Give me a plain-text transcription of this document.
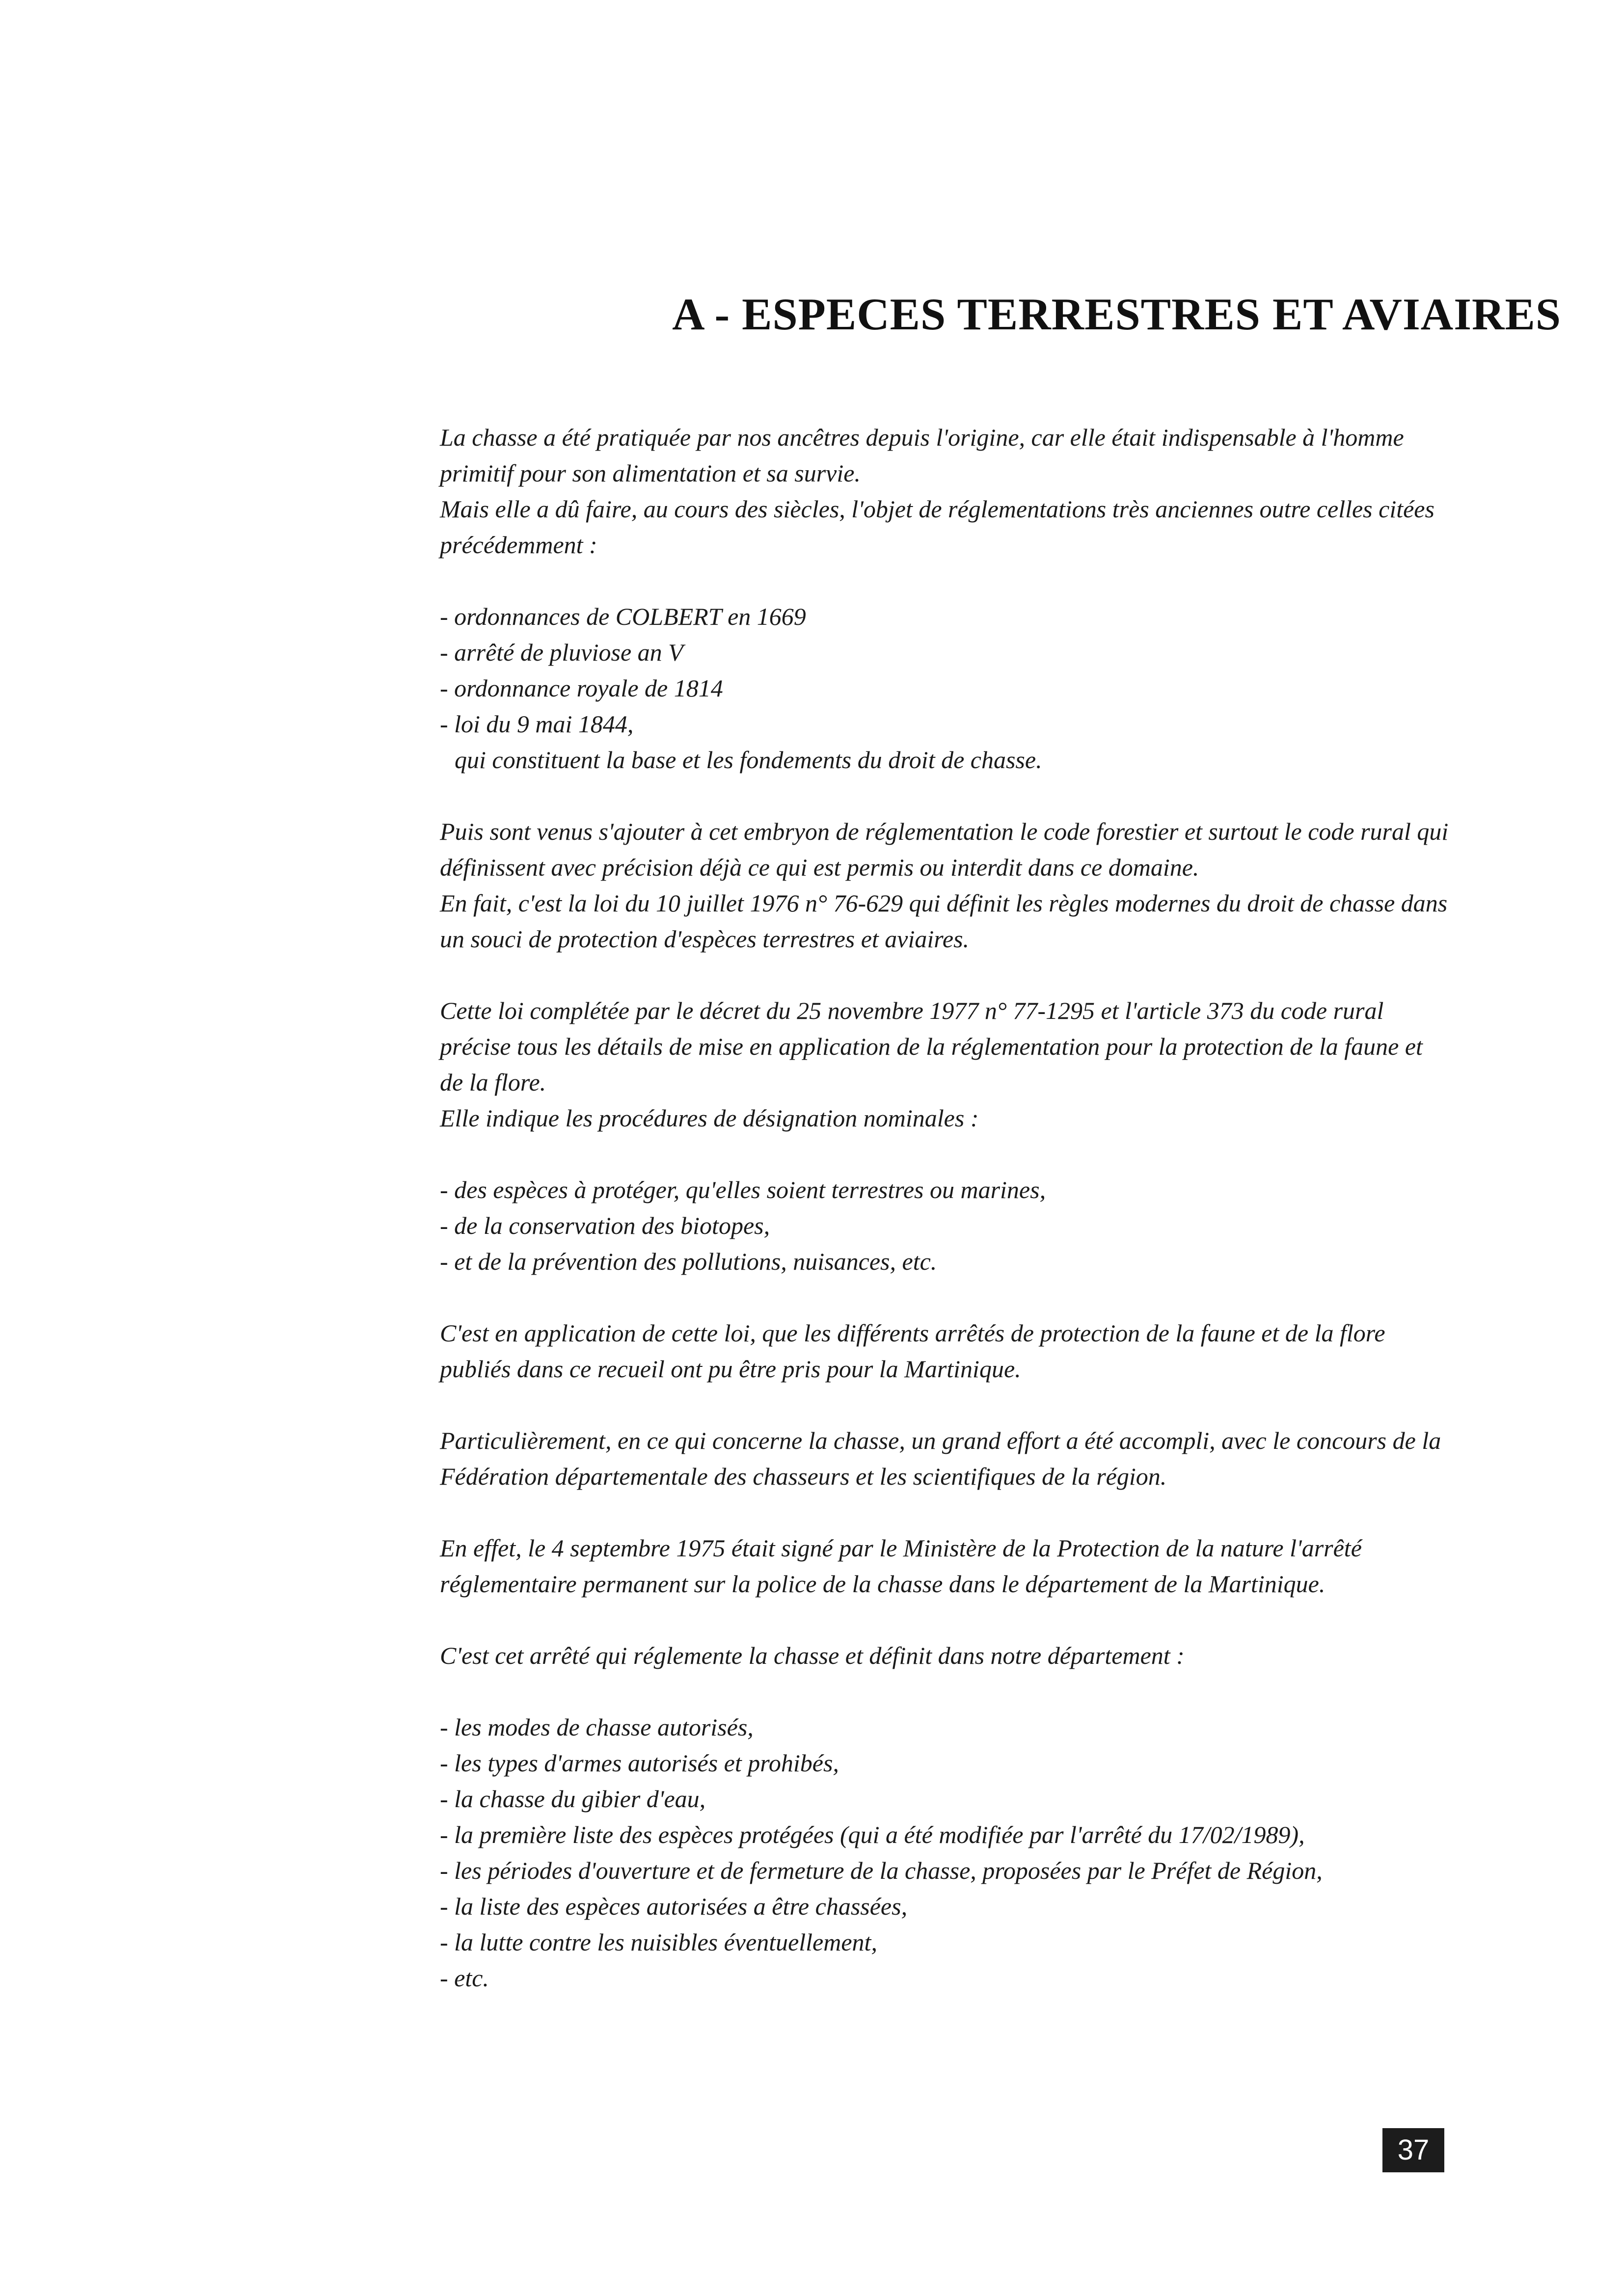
A - ESPECES TERRESTRES ET AVIAIRES
La chasse a été pratiquée par nos ancêtres depuis l'origine, car elle était indispensable à l'homme primitif pour son alimentation et sa survie.
Mais elle a dû faire, au cours des siècles, l'objet de réglementations très anciennes outre celles citées précédemment :
- ordonnances de COLBERT en 1669
- arrêté de pluviose an V
- ordonnance royale de 1814
- loi du 9 mai 1844,
qui constituent la base et les fondements du droit de chasse.
Puis sont venus s'ajouter à cet embryon de réglementation le code forestier et surtout le code rural qui définissent avec précision déjà ce qui est permis ou interdit dans ce domaine.
En fait, c'est la loi du 10 juillet 1976 n° 76-629 qui définit les règles modernes du droit de chasse dans un souci de protection d'espèces terrestres et aviaires.
Cette loi complétée par le décret du 25 novembre 1977 n° 77-1295 et l'article 373 du code rural précise tous les détails de mise en application de la réglementation pour la protection de la faune et de la flore.
Elle indique les procédures de désignation nominales :
- des espèces à protéger, qu'elles soient terrestres ou marines,
- de la conservation des biotopes,
- et de la prévention des pollutions, nuisances, etc.

C'est en application de cette loi, que les différents arrêtés de protection de la faune et de la flore publiés dans ce recueil ont pu être pris pour la Martinique.

Particulièrement, en ce qui concerne la chasse, un grand effort a été accompli, avec le concours de la Fédération départementale des chasseurs et les scientifiques de la région.

En effet, le 4 septembre 1975 était signé par le Ministère de la Protection de la nature l'arrêté réglementaire permanent sur la police de la chasse dans le département de la Martinique.

C'est cet arrêté qui réglemente la chasse et définit dans notre département :

- les modes de chasse autorisés,
- les types d'armes autorisés et prohibés,
- la chasse du gibier d'eau,
- la première liste des espèces protégées (qui a été modifiée par l'arrêté du 17/02/1989),
- les périodes d'ouverture et de fermeture de la chasse, proposées par le Préfet de Région,
- la liste des espèces autorisées a être chassées,
- la lutte contre les nuisibles éventuellement,
- etc.
37
